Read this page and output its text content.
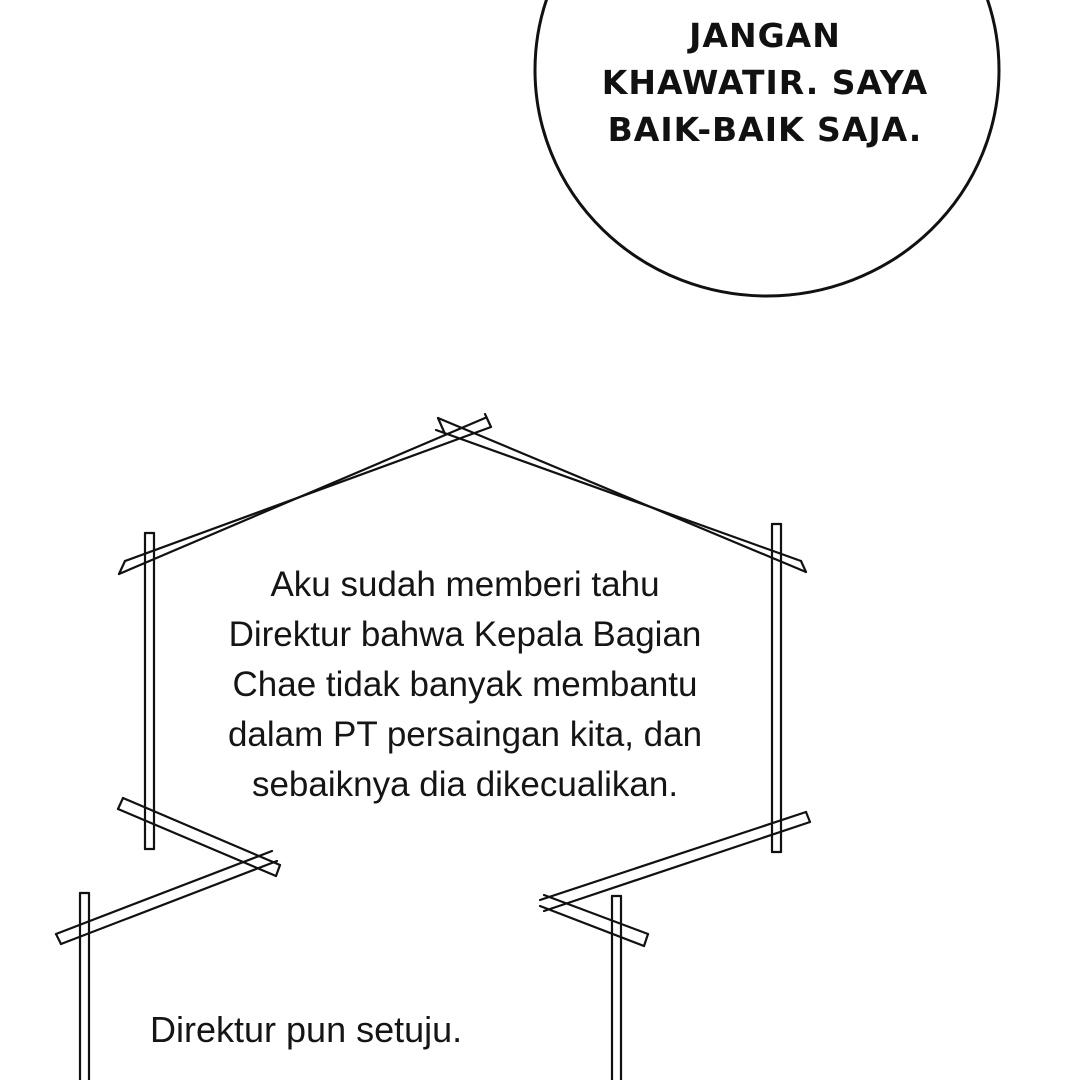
JANGAN
KHAWATIR. SAYA
BAIK-BAIK SAJA.
Aku sudah memberi tahu
Direktur bahwa Kepala Bagian
Chae tidak banyak membantu
dalam PT persaingan kita, dan
sebaiknya dia dikecualikan.
Direktur pun setuju.
